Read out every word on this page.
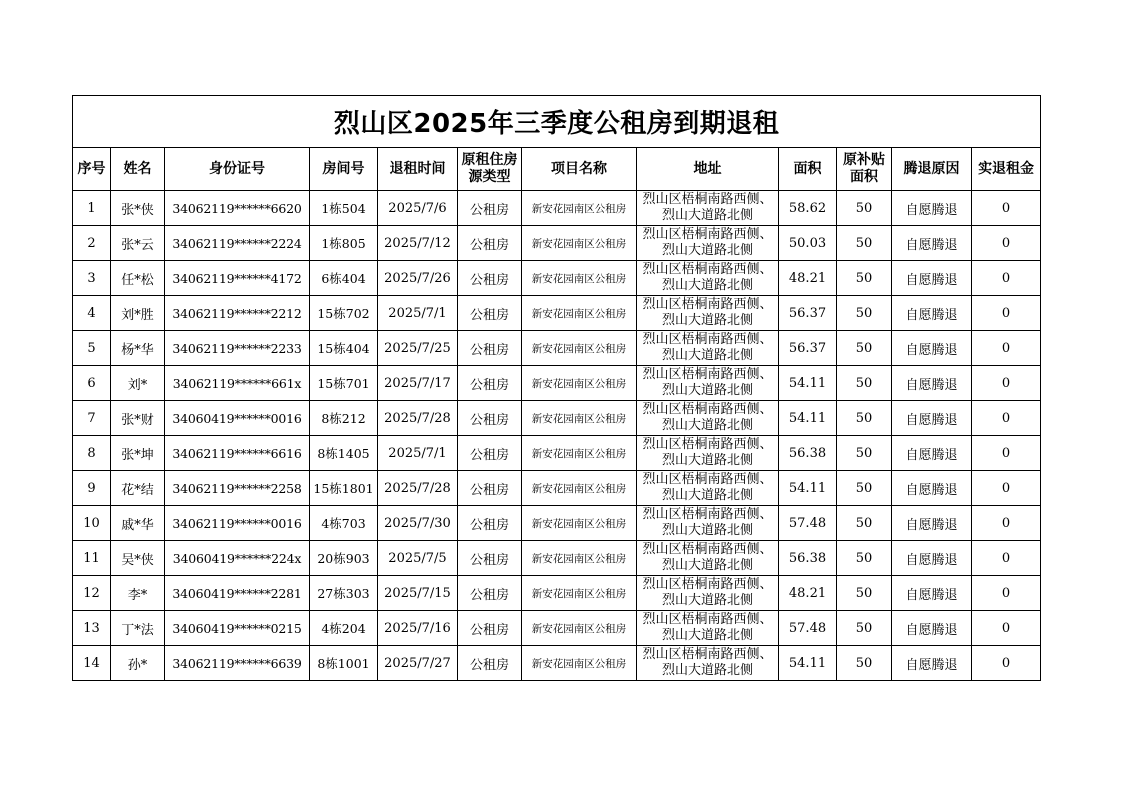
烈山区2025年三季度公租房到期退租											
序号	姓名	身份证号	房间号	退租时间	原租住房源类型	项目名称	地址	面积	原补贴面积	腾退原因	实退租金
1	张*侠	34062119******6620	1栋504	2025/7/6	公租房	新安花园南区公租房	烈山区梧桐南路西侧、烈山大道路北侧	58.62	50	自愿腾退	0
2	张*云	34062119******2224	1栋805	2025/7/12	公租房	新安花园南区公租房	烈山区梧桐南路西侧、烈山大道路北侧	50.03	50	自愿腾退	0
3	任*松	34062119******4172	6栋404	2025/7/26	公租房	新安花园南区公租房	烈山区梧桐南路西侧、烈山大道路北侧	48.21	50	自愿腾退	0
4	刘*胜	34062119******2212	15栋702	2025/7/1	公租房	新安花园南区公租房	烈山区梧桐南路西侧、烈山大道路北侧	56.37	50	自愿腾退	0
5	杨*华	34062119******2233	15栋404	2025/7/25	公租房	新安花园南区公租房	烈山区梧桐南路西侧、烈山大道路北侧	56.37	50	自愿腾退	0
6	刘*	34062119******661x	15栋701	2025/7/17	公租房	新安花园南区公租房	烈山区梧桐南路西侧、烈山大道路北侧	54.11	50	自愿腾退	0
7	张*财	34060419******0016	8栋212	2025/7/28	公租房	新安花园南区公租房	烈山区梧桐南路西侧、烈山大道路北侧	54.11	50	自愿腾退	0
8	张*坤	34062119******6616	8栋1405	2025/7/1	公租房	新安花园南区公租房	烈山区梧桐南路西侧、烈山大道路北侧	56.38	50	自愿腾退	0
9	花*结	34062119******2258	15栋1801	2025/7/28	公租房	新安花园南区公租房	烈山区梧桐南路西侧、烈山大道路北侧	54.11	50	自愿腾退	0
10	戚*华	34062119******0016	4栋703	2025/7/30	公租房	新安花园南区公租房	烈山区梧桐南路西侧、烈山大道路北侧	57.48	50	自愿腾退	0
11	吴*侠	34060419******224x	20栋903	2025/7/5	公租房	新安花园南区公租房	烈山区梧桐南路西侧、烈山大道路北侧	56.38	50	自愿腾退	0
12	李*	34060419******2281	27栋303	2025/7/15	公租房	新安花园南区公租房	烈山区梧桐南路西侧、烈山大道路北侧	48.21	50	自愿腾退	0
13	丁*法	34060419******0215	4栋204	2025/7/16	公租房	新安花园南区公租房	烈山区梧桐南路西侧、烈山大道路北侧	57.48	50	自愿腾退	0
14	孙*	34062119******6639	8栋1001	2025/7/27	公租房	新安花园南区公租房	烈山区梧桐南路西侧、烈山大道路北侧	54.11	50	自愿腾退	0
